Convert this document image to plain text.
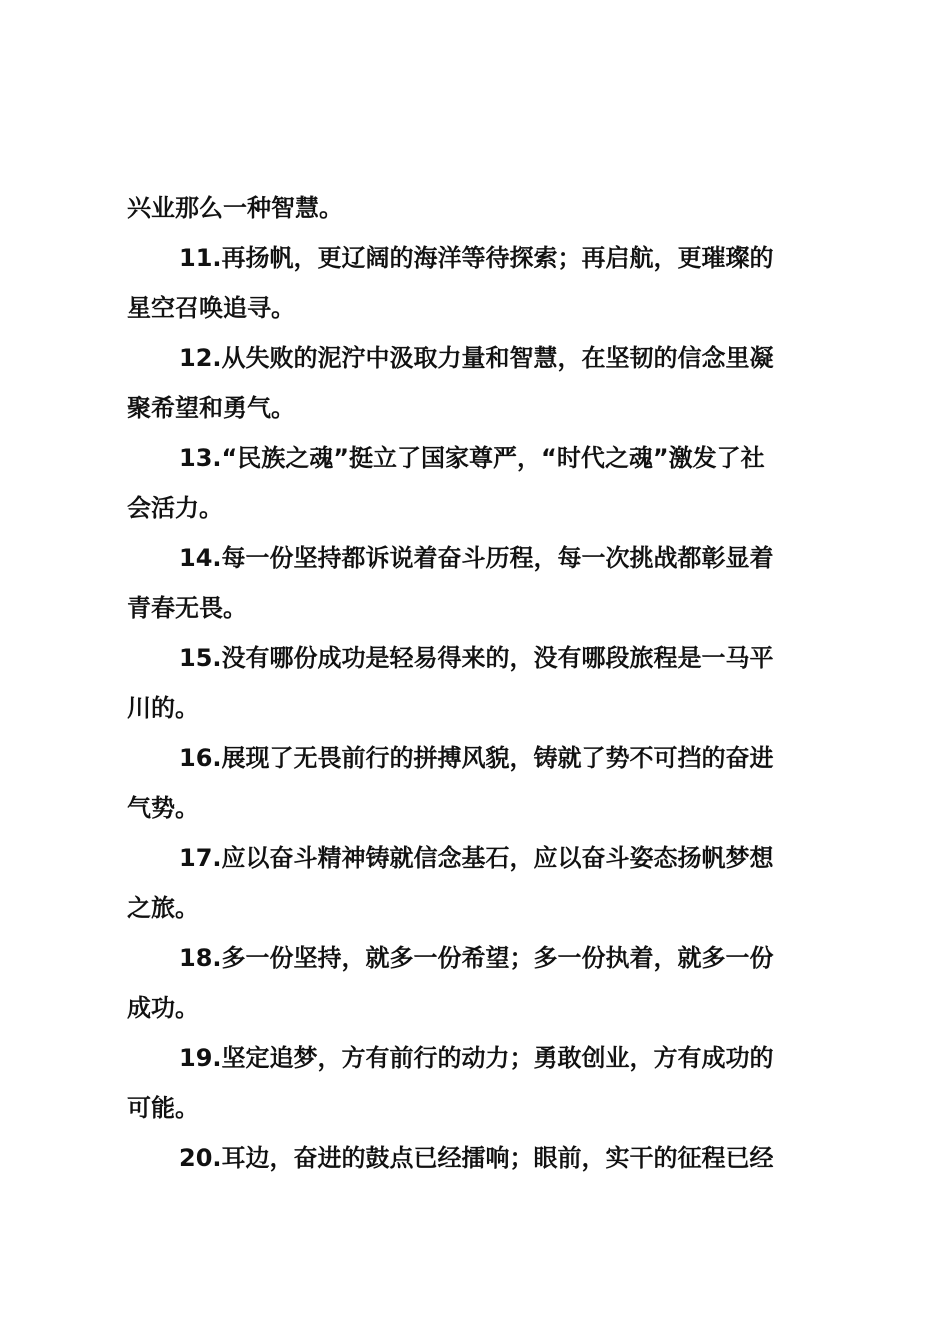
兴业那么一种智慧。

11.再扬帆，更辽阔的海洋等待探索；再启航，更璀璨的
星空召唤追寻。

12.从失败的泥泞中汲取力量和智慧，在坚韧的信念里凝
聚希望和勇气。

13.“民族之魂”挺立了国家尊严，“时代之魂”激发了社
会活力。

14.每一份坚持都诉说着奋斗历程，每一次挑战都彰显着
青春无畏。

15.没有哪份成功是轻易得来的，没有哪段旅程是一马平
川的。

16.展现了无畏前行的拼搏风貌，铸就了势不可挡的奋进
气势。

17.应以奋斗精神铸就信念基石，应以奋斗姿态扬帆梦想
之旅。

18.多一份坚持，就多一份希望；多一份执着，就多一份
成功。

19.坚定追梦，方有前行的动力；勇敢创业，方有成功的
可能。

20.耳边，奋进的鼓点已经擂响；眼前，实干的征程已经
